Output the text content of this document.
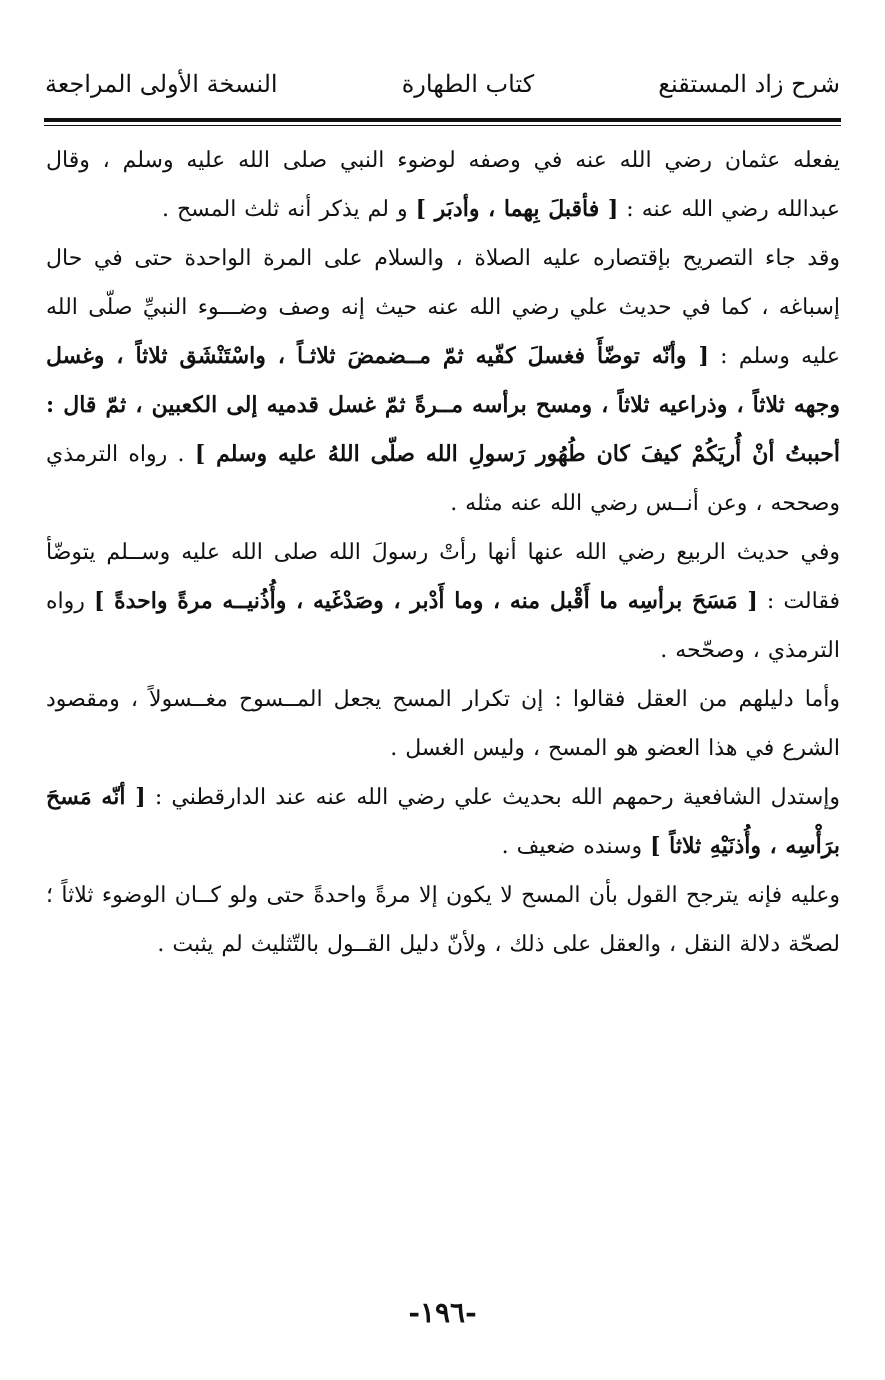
شرح زاد المستقنع
كتاب الطهارة
النسخة الأولى المراجعة

يفعله عثمان رضي الله عنه في وصفه لوضوء النبي صلى الله عليه وسلم ، وقال عبدالله رضي الله عنه : [ فأقبلَ بِهما ، وأدبَر ] و لم يذكر أنه ثلث المسح .

وقد جاء التصريح بإقتصاره عليه الصلاة ، والسلام على المرة الواحدة حتى في حال إسباغه ، كما في حديث علي رضي الله عنه حيث إنه وصف وضـــوء النبيِّ صلّى الله عليه وسلم : [ وأنّه توضّأَ فغسلَ كفّيه ثمّ مــضمضَ ثلاثـاً ، واسْتَنْشَق ثلاثاً ، وغسل وجهه ثلاثاً ، وذراعيه ثلاثاً ، ومسح برأسه مــرةً ثمّ غسل قدميه إلى الكعبين ، ثمّ قال : أحببتُ أنْ أُريَكُمْ كيفَ كان طُهُور رَسولِ الله صلّى اللهُ عليه وسلم ] . رواه الترمذي وصححه ، وعن أنــس رضي الله عنه مثله .

وفي حديث الربيع رضي الله عنها أنها رأتْ رسولَ الله صلى الله عليه وســلم يتوضّأ فقالت : [ مَسَحَ برأسِه ما أَقْبل منه ، وما أَدْبر ، وصَدْغَيه ، وأُذُنيــه مرةً واحدةً ] رواه الترمذي ، وصحّحه .

وأما دليلهم من العقل فقالوا : إن تكرار المسح يجعل المــسوح مغــسولاً ، ومقصود الشرع في هذا العضو هو المسح ، وليس الغسل .

وإستدل الشافعية رحمهم الله بحديث علي رضي الله عنه عند الدارقطني : [ أنّه مَسحَ برَأْسِه ، وأُذنَيْهِ ثلاثاً ] وسنده ضعيف .

وعليه فإنه يترجح القول بأن المسح لا يكون إلا مرةً واحدةً حتى ولو كــان الوضوء ثلاثاً ؛ لصحّة دلالة النقل ، والعقل على ذلك ، ولأنّ دليل القــول بالتّثليث لم يثبت .

-١٩٦-
